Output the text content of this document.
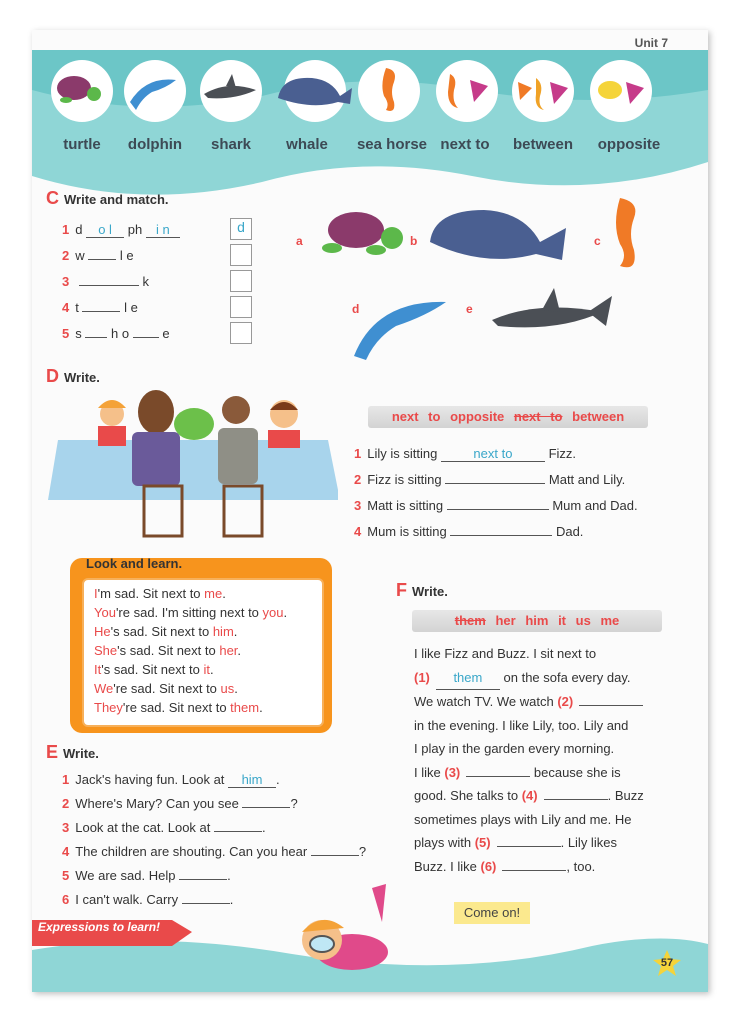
Unit 7
turtle	dolphin	shark	whale	sea horse next to	between	opposite
C Write and match.
1 d o l ph i n
2 w	l e
3	k
4 t	l e
5 s h o	e
d
a	b	c
d	e
D Write.
next to opposite next to between
1 Lily is sitting	next to	Fizz.
2 Fizz is sitting	Matt and Lily.
3 Matt is sitting	Mum and Dad.
4 Mum is sitting	Dad.
Look and learn.
I'm sad. Sit next to me.
You're sad. I'm sitting next to you.
He's sad. Sit next to him.
She's sad. Sit next to her.
It's sad. Sit next to it.
We're sad. Sit next to us.
They're sad. Sit next to them.
E Write.
1 Jack's having fun. Look at him .
2 Where's Mary? Can you see	?
3 Look at the cat. Look at	.
4 The children are shouting. Can you hear	?
5 We are sad. Help	.
6 I can't walk. Carry	.
F Write.
them her him it us me
I like Fizz and Buzz. I sit next to
(1) them on the sofa every day.
We watch TV. We watch (2)
in the evening. I like Lily, too. Lily and
I play in the garden every morning.
I like (3)	because she is
good. She talks to (4)	. Buzz
sometimes plays with Lily and me. He
plays with (5)	. Lily likes
Buzz. I like (6)	, too.
Expressions to learn!
Come on!
57
